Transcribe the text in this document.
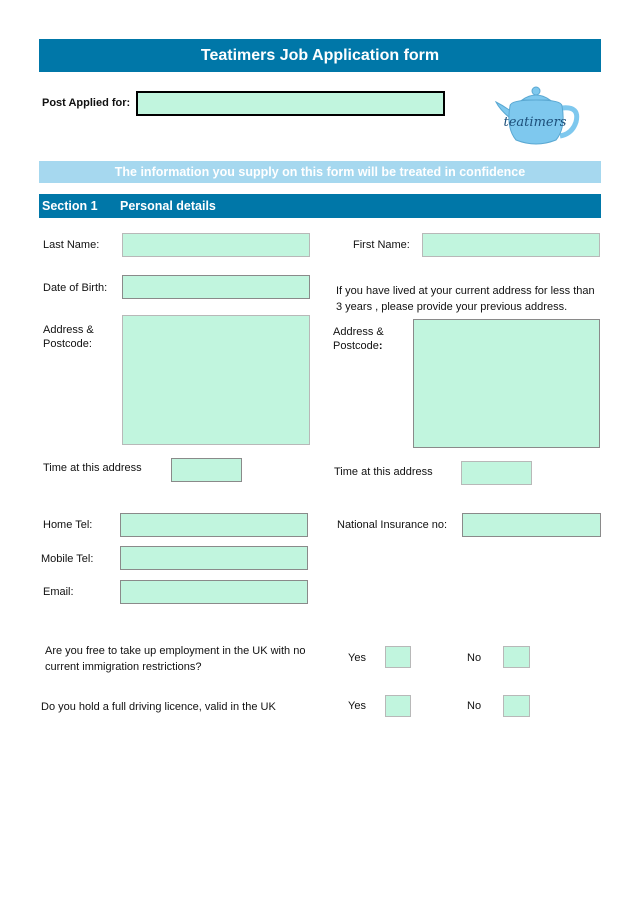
Teatimers Job Application form
Post Applied for:
teatimers
The information you supply on this form will be treated in confidence
Section 1 Personal details
Last Name:	First Name:
Date of Birth:	If you have lived at your current address for less than 3 years , please provide your previous address.
Address &
Postcode:
Address &
Postcode:
Time at this address	Time at this address
Home Tel:	National Insurance no:
Mobile Tel:
Email:
Are you free to take up employment in the UK with no current immigration restrictions?
Yes	No
Do you hold a full driving licence, valid in the UK	Yes	No
